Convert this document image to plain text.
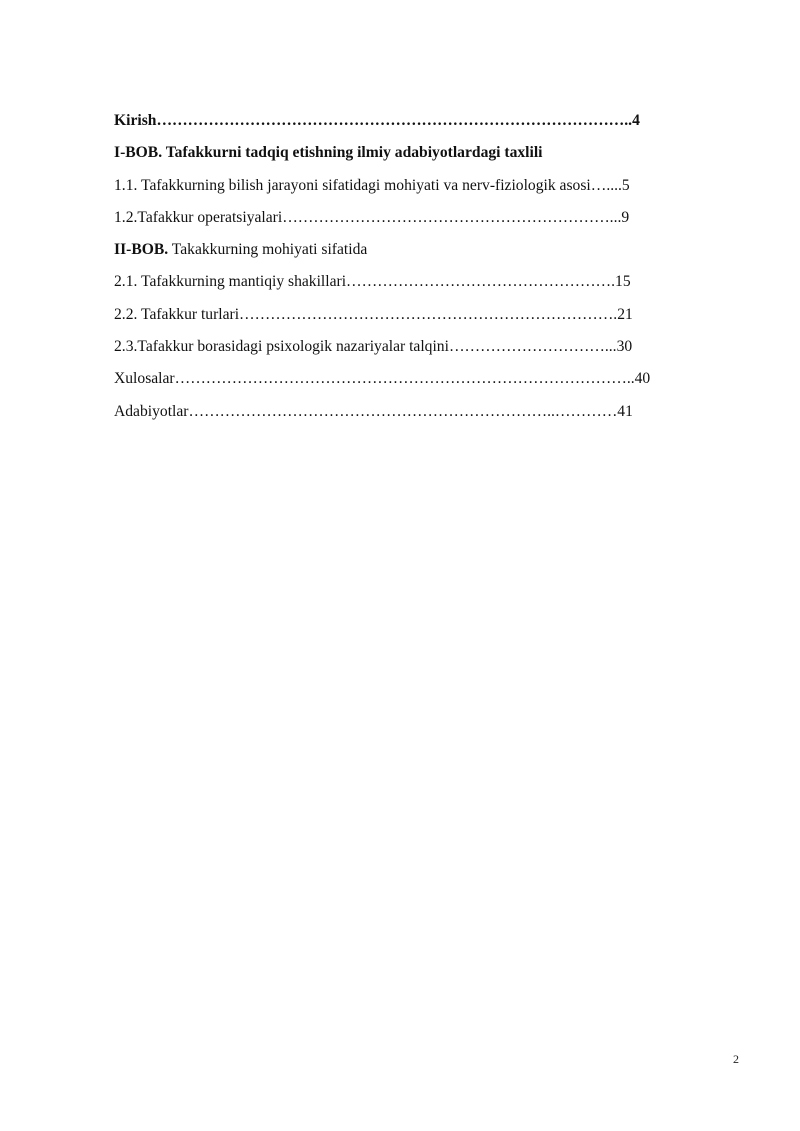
Kirish………………………………………………………………………………..4
I-BOB. Tafakkurni tadqiq etishning ilmiy adabiyotlardagi taxlili
1.1. Tafakkurning bilish jarayoni sifatidagi mohiyati va nerv-fiziologik asosi…....5
1.2.Tafakkur operatsiyalari………………………………………………………...9
II-BOB. Takakkurning mohiyati sifatida
2.1. Tafakkurning mantiqiy shakillari…………………………………………….15
2.2. Tafakkur turlari……………………………………………………………….21
2.3.Tafakkur borasidagi psixologik nazariyalar talqini…………………………...30
Xulosalar……………………………………………………………………………..40
Adabiyotlar……………………………………………………………..…………41
2
